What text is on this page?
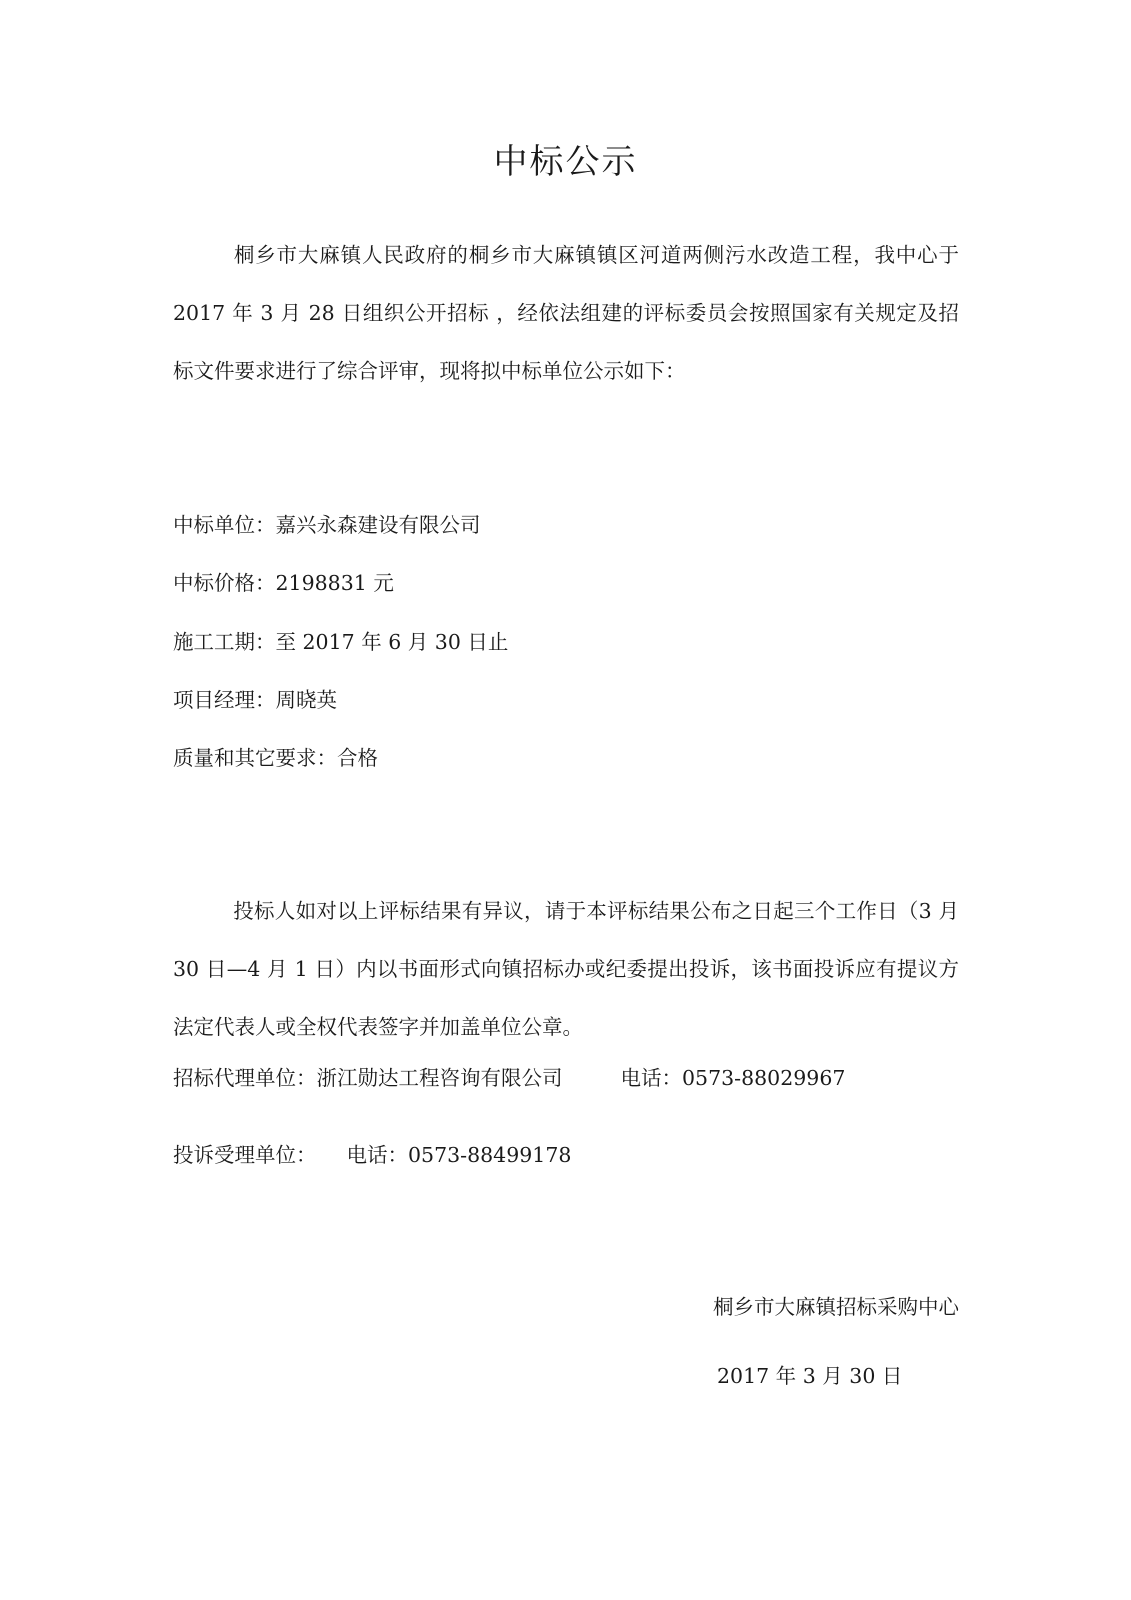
中标公示
桐乡市大麻镇人民政府的桐乡市大麻镇镇区河道两侧污水改造工程，我中心于 2017 年 3 月 28 日组织公开招标 ，经依法组建的评标委员会按照国家有关规定及招标文件要求进行了综合评审，现将拟中标单位公示如下：
中标单位：嘉兴永森建设有限公司
中标价格：2198831 元
施工工期：至 2017 年 6 月 30 日止
项目经理：周晓英
质量和其它要求：合格
投标人如对以上评标结果有异议，请于本评标结果公布之日起三个工作日（3 月 30 日—4 月 1 日）内以书面形式向镇招标办或纪委提出投诉，该书面投诉应有提议方法定代表人或全权代表签字并加盖单位公章。
招标代理单位：浙江勋达工程咨询有限公司	电话：0573-88029967
投诉受理单位： 电话：0573-88499178
桐乡市大麻镇招标采购中心
2017 年 3 月 30 日
